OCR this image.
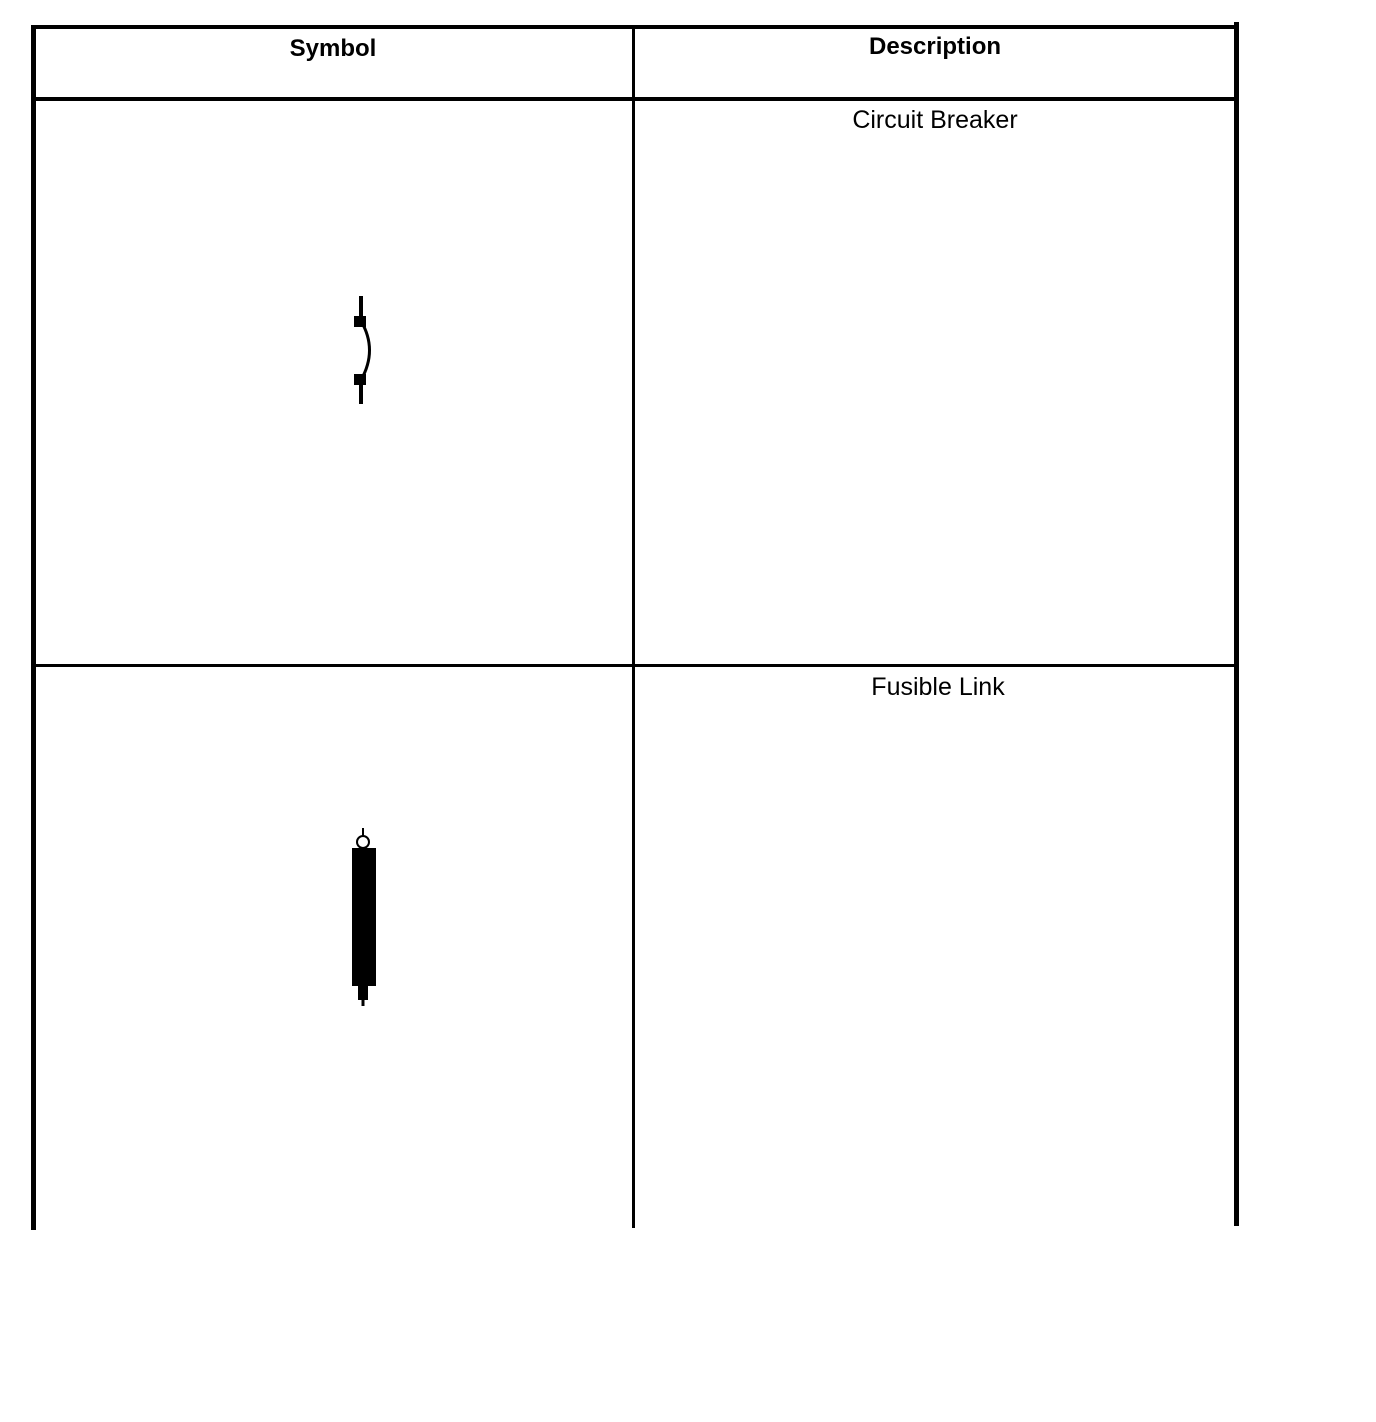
Symbol	Description
Circuit Breaker
Fusible Link
